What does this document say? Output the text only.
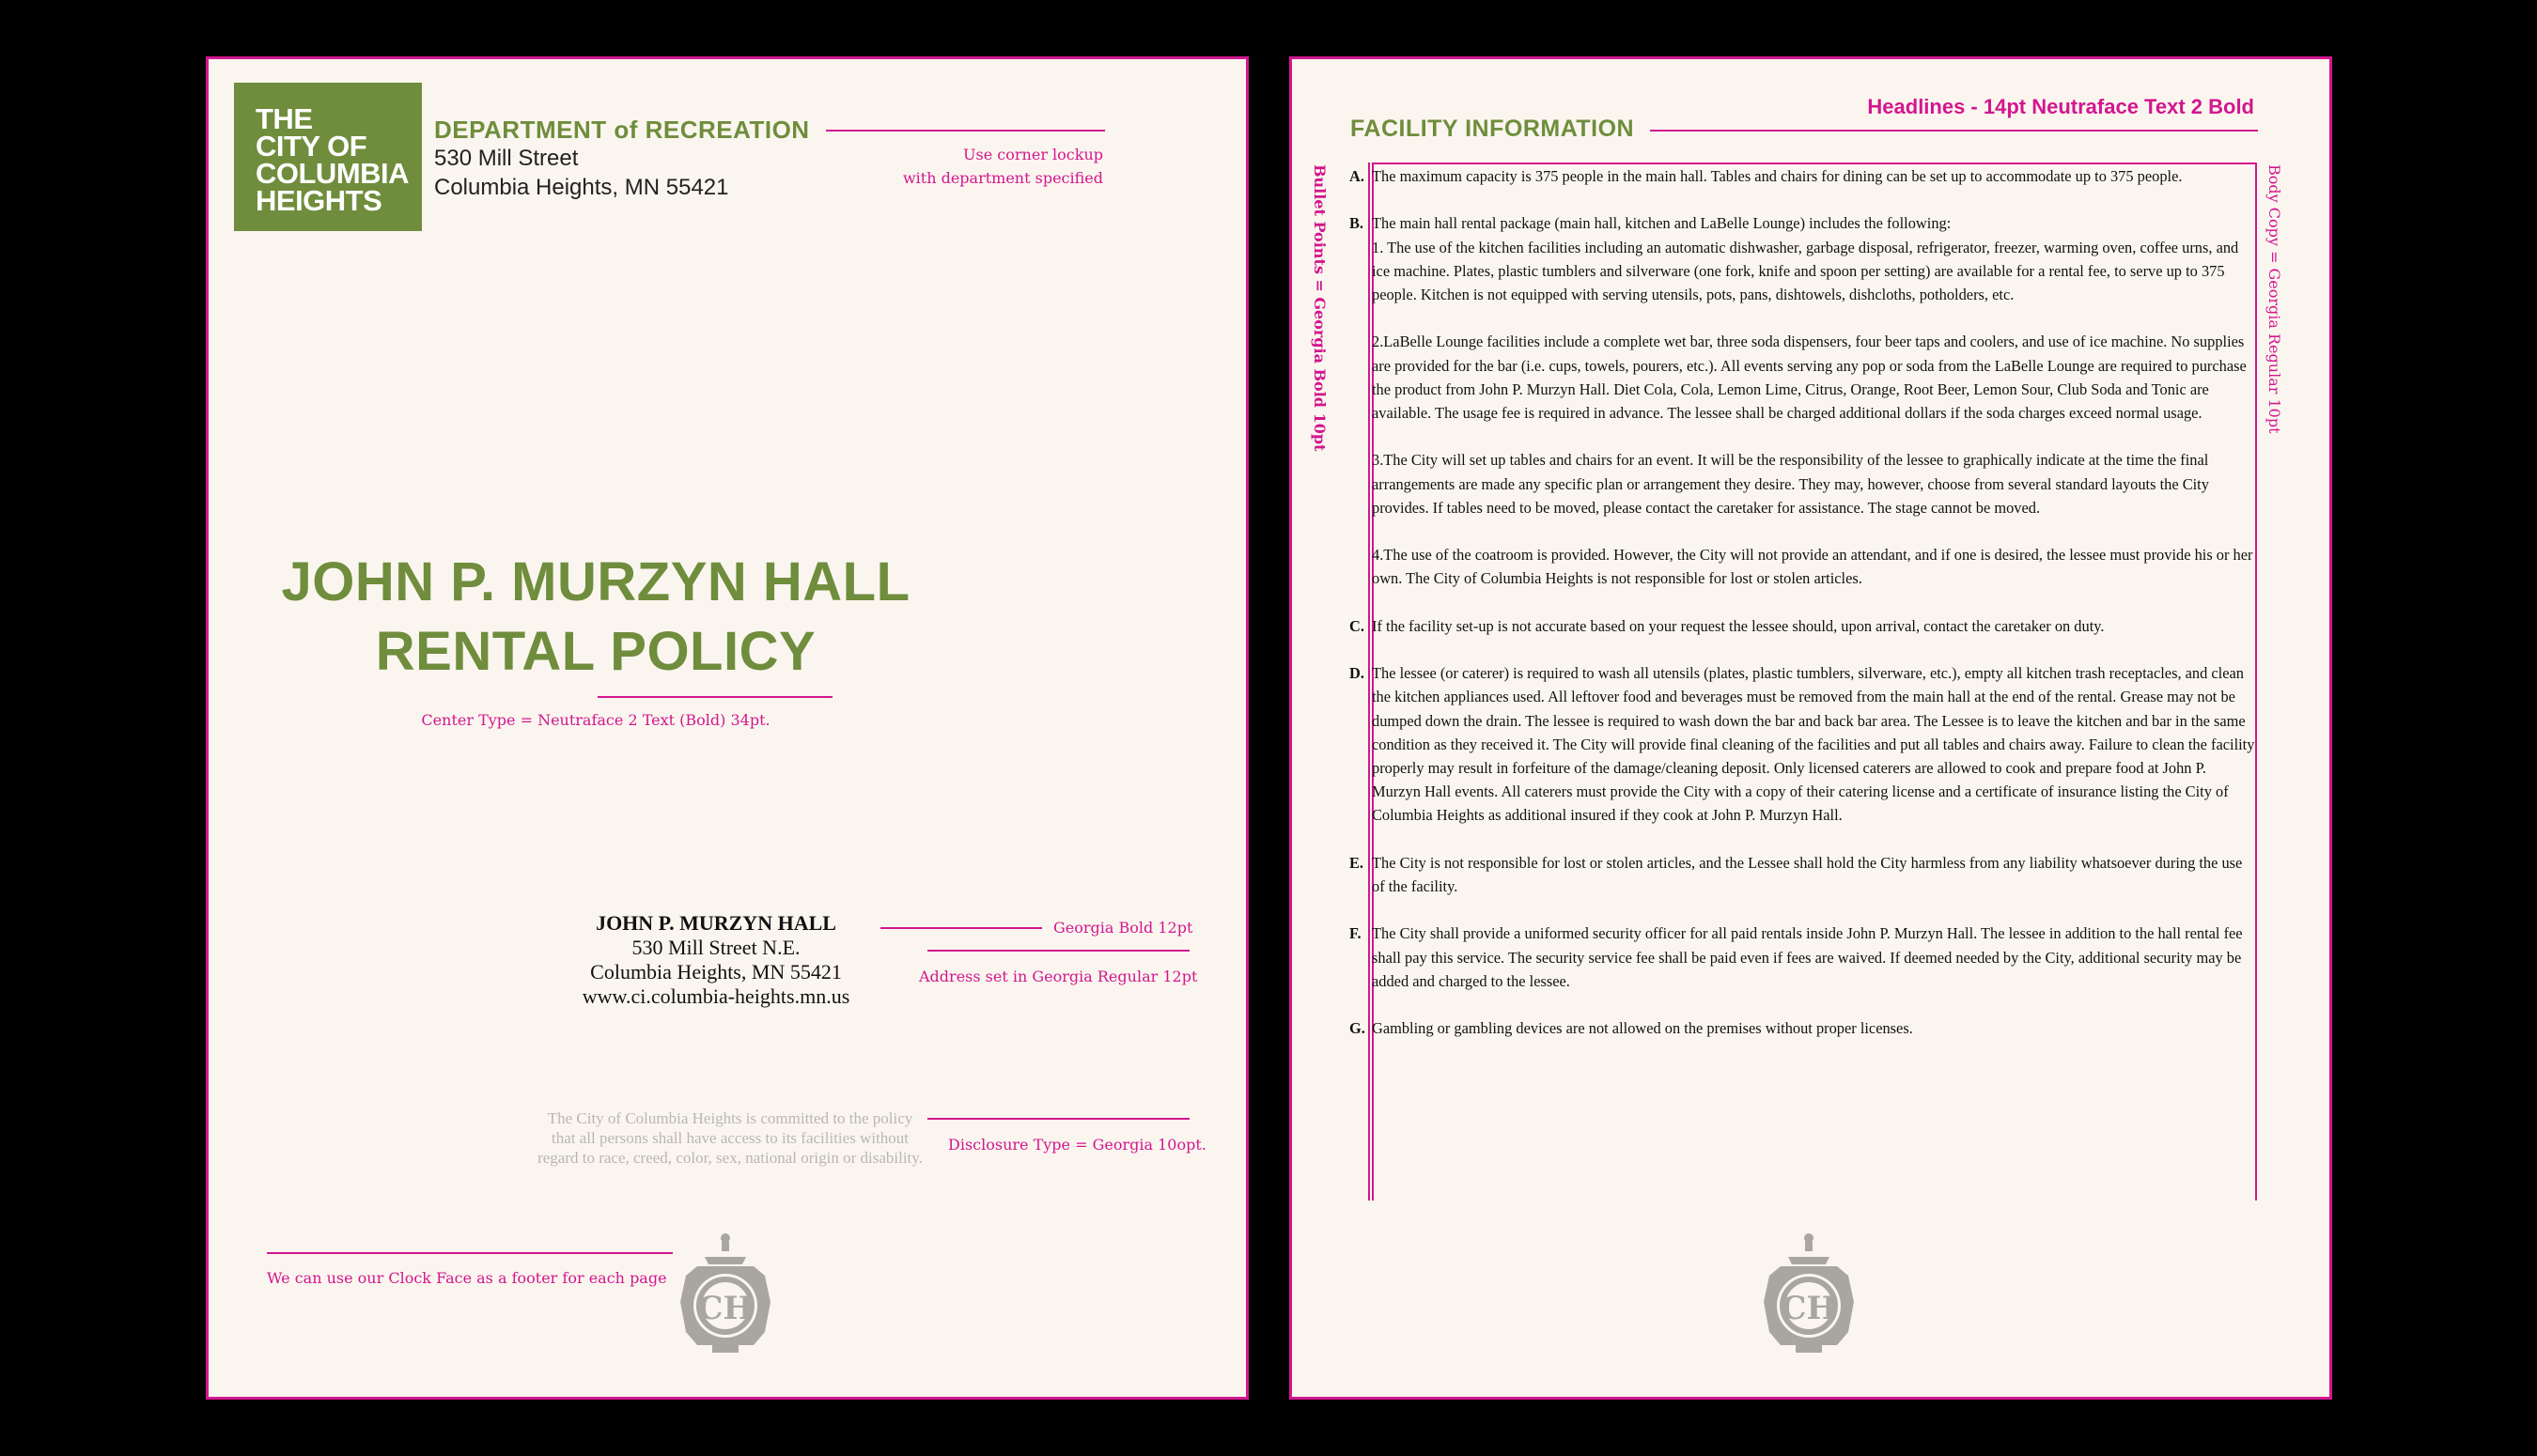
THE
CITY OF
COLUMBIA
HEIGHTS
DEPARTMENT of RECREATION
530 Mill Street
Columbia Heights, MN 55421
Use corner lockup
with department specified
JOHN P. MURZYN HALL
RENTAL POLICY
Center Type = Neutraface 2 Text (Bold) 34pt.
JOHN P. MURZYN HALL
530 Mill Street N.E.
Columbia Heights, MN 55421
www.ci.columbia-heights.mn.us
Georgia Bold 12pt
Address set in Georgia Regular 12pt
The City of Columbia Heights is committed to the policy that all persons shall have access to its facilities without regard to race, creed, color, sex, national origin or disability.
Disclosure Type = Georgia 10opt.
We can use our Clock Face as a footer for each page
CH
FACILITY INFORMATION
Headlines - 14pt Neutraface Text 2 Bold
Bullet Points = Georgia Bold 10pt	Body Copy = Georgia Regular 10pt
A. The maximum capacity is 375 people in the main hall. Tables and chairs for dining can be set up to accommodate up to 375 people.

B. The main hall rental package (main hall, kitchen and LaBelle Lounge) includes the following:

1. The use of the kitchen facilities including an automatic dishwasher, garbage disposal, refrigerator, freezer, warming oven, coffee urns, and ice machine. Plates, plastic tumblers and silverware (one fork, knife and spoon per setting) are available for a rental fee, to serve up to 375 people. Kitchen is not equipped with serving utensils, pots, pans, dishtowels, dishcloths, potholders, etc.

2.LaBelle Lounge facilities include a complete wet bar, three soda dispensers, four beer taps and coolers, and use of ice machine. No supplies are provided for the bar (i.e. cups, towels, pourers, etc.). All events serving any pop or soda from the LaBelle Lounge are required to purchase the product from John P. Murzyn Hall. Diet Cola, Cola, Lemon Lime, Citrus, Orange, Root Beer, Lemon Sour, Club Soda and Tonic are available. The usage fee is required in advance. The lessee shall be charged additional dollars if the soda charges exceed normal usage.

3.The City will set up tables and chairs for an event. It will be the responsibility of the lessee to graphically indicate at the time the final arrangements are made any specific plan or arrangement they desire. They may, however, choose from several standard layouts the City provides. If tables need to be moved, please contact the caretaker for assistance. The stage cannot be moved.

4.The use of the coatroom is provided. However, the City will not provide an attendant, and if one is desired, the lessee must provide his or her own. The City of Columbia Heights is not responsible for lost or stolen articles.

C. If the facility set-up is not accurate based on your request the lessee should, upon arrival, contact the caretaker on duty.

D. The lessee (or caterer) is required to wash all utensils (plates, plastic tumblers, silverware, etc.), empty all kitchen trash receptacles, and clean the kitchen appliances used. All leftover food and beverages must be removed from the main hall at the end of the rental. Grease may not be dumped down the drain. The lessee is required to wash down the bar and back bar area. The Lessee is to leave the kitchen and bar in the same condition as they received it. The City will provide final cleaning of the facilities and put all tables and chairs away. Failure to clean the facility properly may result in forfeiture of the damage/cleaning deposit. Only licensed caterers are allowed to cook and prepare food at John P. Murzyn Hall events. All caterers must provide the City with a copy of their catering license and a certificate of insurance listing the City of Columbia Heights as additional insured if they cook at John P. Murzyn Hall.

E. The City is not responsible for lost or stolen articles, and the Lessee shall hold the City harmless from any liability whatsoever during the use of the facility.

F. The City shall provide a uniformed security officer for all paid rentals inside John P. Murzyn Hall. The lessee in addition to the hall rental fee shall pay this service. The security service fee shall be paid even if fees are waived. If deemed needed by the City, additional security may be added and charged to the lessee.

G. Gambling or gambling devices are not allowed on the premises without proper licenses.

CH
